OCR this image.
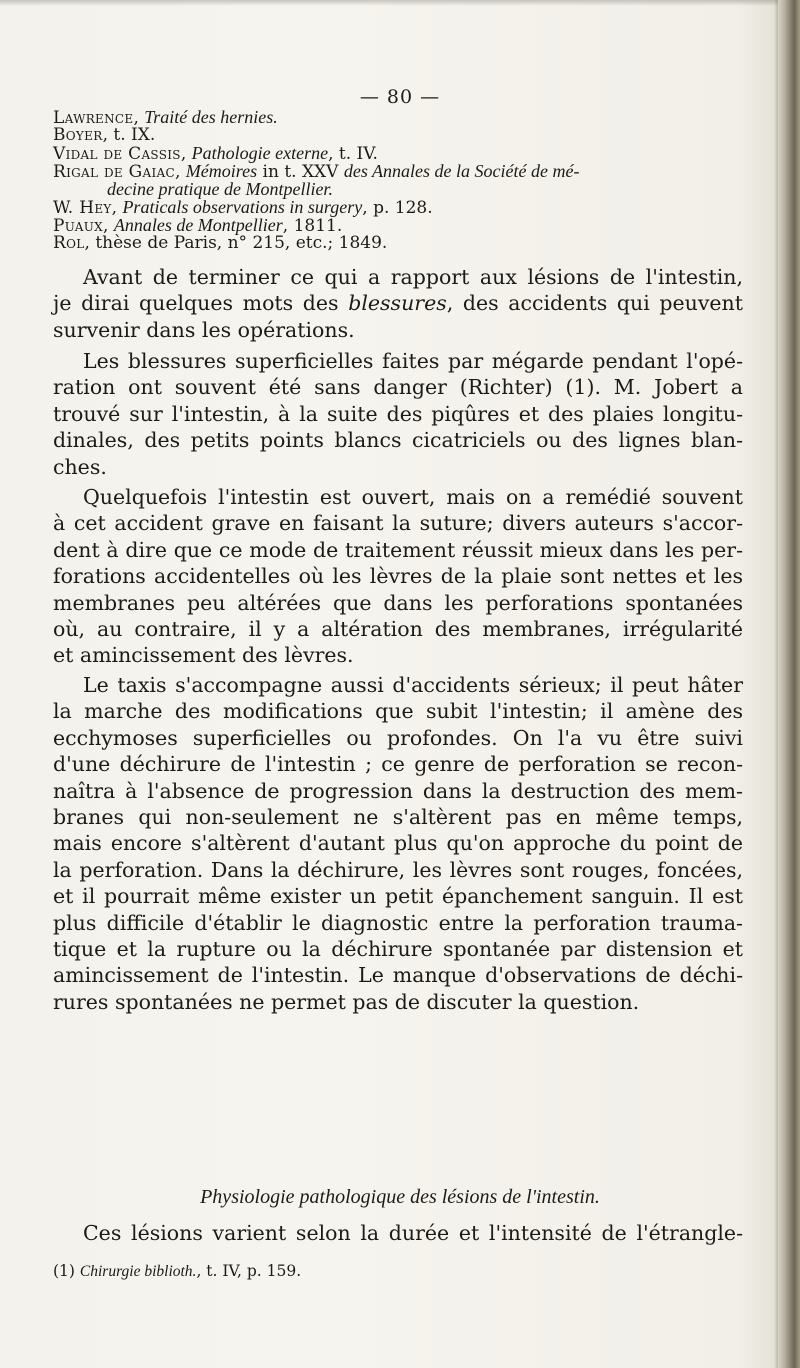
— 80 —
Lawrence, Traité des hernies.
Boyer, t. IX.
Vidal de Cassis, Pathologie externe, t. IV.
Rigal de Gaiac, Mémoires in t. XXV des Annales de la Société de mé-
decine pratique de Montpellier.
W. Hey, Praticals observations in surgery, p. 128.
Puaux, Annales de Montpellier, 1811.
Rol, thèse de Paris, n° 215, etc.; 1849.
Avant de terminer ce qui a rapport aux lésions de l'intestin,
je dirai quelques mots des blessures, des accidents qui peuvent
survenir dans les opérations.
Les blessures superficielles faites par mégarde pendant l'opé-
ration ont souvent été sans danger (Richter) (1). M. Jobert a
trouvé sur l'intestin, à la suite des piqûres et des plaies longitu-
dinales, des petits points blancs cicatriciels ou des lignes blan-
ches.
Quelquefois l'intestin est ouvert, mais on a remédié souvent
à cet accident grave en faisant la suture; divers auteurs s'accor-
dent à dire que ce mode de traitement réussit mieux dans les per-
forations accidentelles où les lèvres de la plaie sont nettes et les
membranes peu altérées que dans les perforations spontanées
où, au contraire, il y a altération des membranes, irrégularité
et amincissement des lèvres.
Le taxis s'accompagne aussi d'accidents sérieux; il peut hâter
la marche des modifications que subit l'intestin; il amène des
ecchymoses superficielles ou profondes. On l'a vu être suivi
d'une déchirure de l'intestin ; ce genre de perforation se recon-
naîtra à l'absence de progression dans la destruction des mem-
branes qui non-seulement ne s'altèrent pas en même temps,
mais encore s'altèrent d'autant plus qu'on approche du point de
la perforation. Dans la déchirure, les lèvres sont rouges, foncées,
et il pourrait même exister un petit épanchement sanguin. Il est
plus difficile d'établir le diagnostic entre la perforation trauma-
tique et la rupture ou la déchirure spontanée par distension et
amincissement de l'intestin. Le manque d'observations de déchi-
rures spontanées ne permet pas de discuter la question.
Physiologie pathologique des lésions de l'intestin.
Ces lésions varient selon la durée et l'intensité de l'étrangle-
(1) Chirurgie biblioth., t. IV, p. 159.
